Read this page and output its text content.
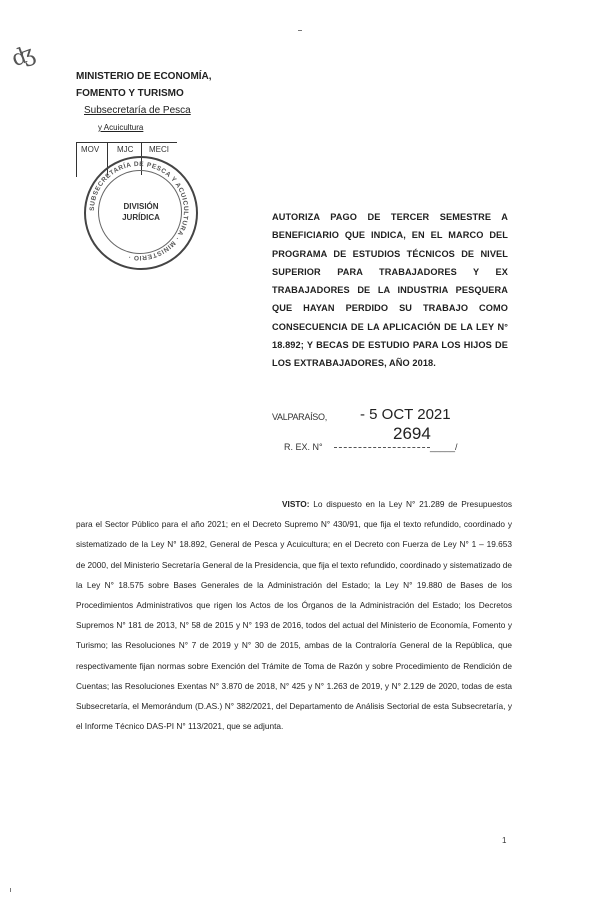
ʤ
MINISTERIO DE ECONOMÍA,
FOMENTO Y TURISMO
Subsecretaría de Pesca
y Acuicultura
MOV MJC MECI
SUBSECRETARÍA DE PESCA Y ACUICULTURA · MINISTERIO ·
DIVISIÓN
JURÍDICA	AUTORIZA PAGO DE TERCER SEMESTRE A BENEFICIARIO QUE INDICA, EN EL MARCO DEL PROGRAMA DE ESTUDIOS TÉCNICOS DE NIVEL SUPERIOR PARA TRABAJADORES Y EX TRABAJADORES DE LA INDUSTRIA PESQUERA QUE HAYAN PERDIDO SU TRABAJO COMO CONSECUENCIA DE LA APLICACIÓN DE LA LEY N° 18.892; Y BECAS DE ESTUDIO PARA LOS HIJOS DE LOS EXTRABAJADORES, AÑO 2018.
VALPARAÍSO, - 5 OCT 2021
R. EX. N°
2694
_____/
VISTO: Lo dispuesto en la Ley N° 21.289 de Presupuestos para el Sector Público para el año 2021; en el Decreto Supremo N° 430/91, que fija el texto refundido, coordinado y sistematizado de la Ley N° 18.892, General de Pesca y Acuicultura; en el Decreto con Fuerza de Ley N° 1 – 19.653 de 2000, del Ministerio Secretaría General de la Presidencia, que fija el texto refundido, coordinado y sistematizado de la Ley N° 18.575 sobre Bases Generales de la Administración del Estado; la Ley N° 19.880 de Bases de los Procedimientos Administrativos que rigen los Actos de los Órganos de la Administración del Estado; los Decretos Supremos N° 181 de 2013, N° 58 de 2015 y N° 193 de 2016, todos del actual del Ministerio de Economía, Fomento y Turismo; las Resoluciones N° 7 de 2019 y N° 30 de 2015, ambas de la Contraloría General de la República, que respectivamente fijan normas sobre Exención del Trámite de Toma de Razón y sobre Procedimiento de Rendición de Cuentas; las Resoluciones Exentas N° 3.870 de 2018, N° 425 y N° 1.263 de 2019, y N° 2.129 de 2020, todas de esta Subsecretaría, el Memorándum (D.AS.) N° 382/2021, del Departamento de Análisis Sectorial de esta Subsecretaría, y el Informe Técnico DAS-PI N° 113/2021, que se adjunta.
1
